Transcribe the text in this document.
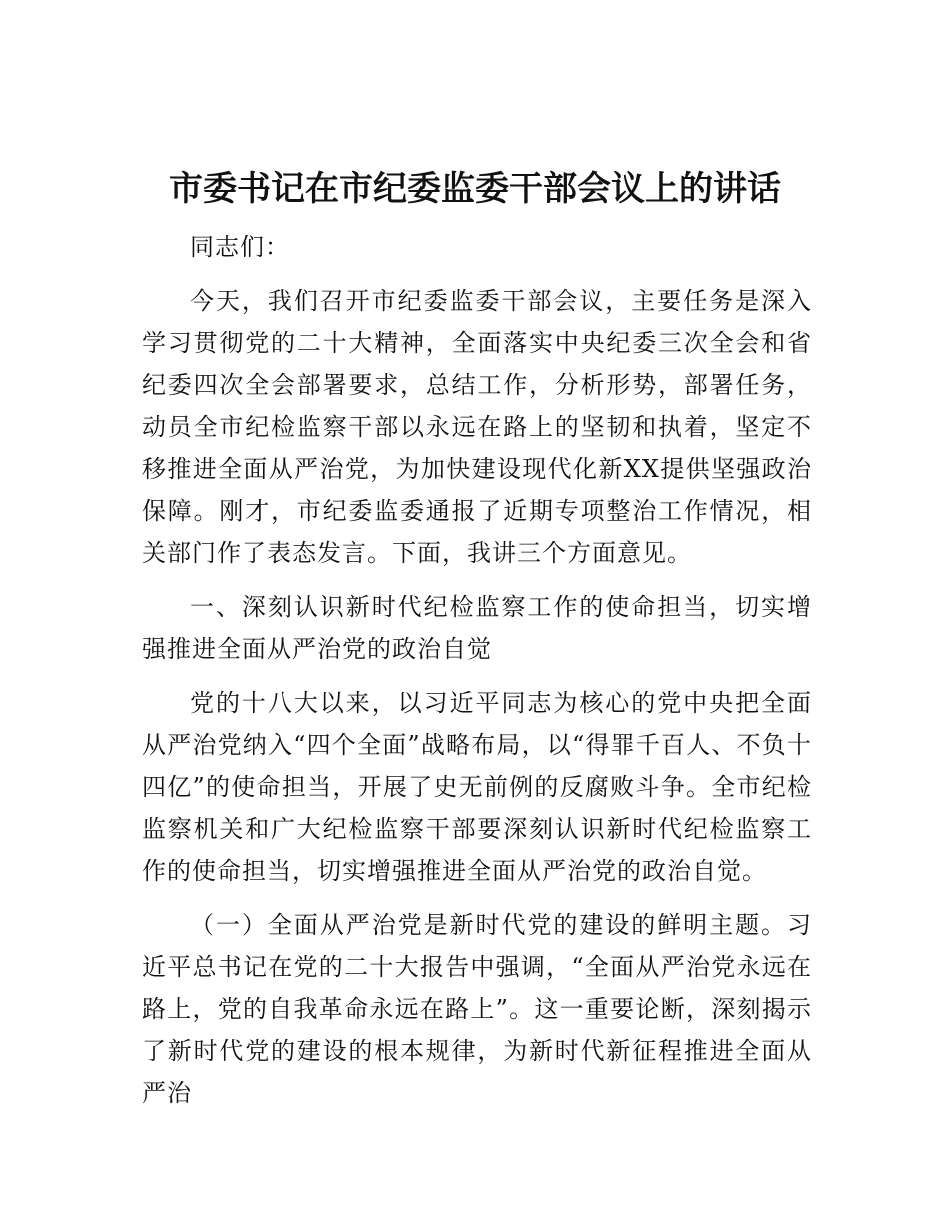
市委书记在市纪委监委干部会议上的讲话

同志们：

今天，我们召开市纪委监委干部会议，主要任务是深入学习贯彻党的二十大精神，全面落实中央纪委三次全会和省纪委四次全会部署要求，总结工作，分析形势，部署任务，动员全市纪检监察干部以永远在路上的坚韧和执着，坚定不移推进全面从严治党，为加快建设现代化新XX提供坚强政治保障。刚才，市纪委监委通报了近期专项整治工作情况，相关部门作了表态发言。下面，我讲三个方面意见。

一、深刻认识新时代纪检监察工作的使命担当，切实增强推进全面从严治党的政治自觉

党的十八大以来，以习近平同志为核心的党中央把全面从严治党纳入“四个全面”战略布局，以“得罪千百人、不负十四亿”的使命担当，开展了史无前例的反腐败斗争。全市纪检监察机关和广大纪检监察干部要深刻认识新时代纪检监察工作的使命担当，切实增强推进全面从严治党的政治自觉。

（一）全面从严治党是新时代党的建设的鲜明主题。习近平总书记在党的二十大报告中强调，“全面从严治党永远在路上，党的自我革命永远在路上”。这一重要论断，深刻揭示了新时代党的建设的根本规律，为新时代新征程推进全面从严治
